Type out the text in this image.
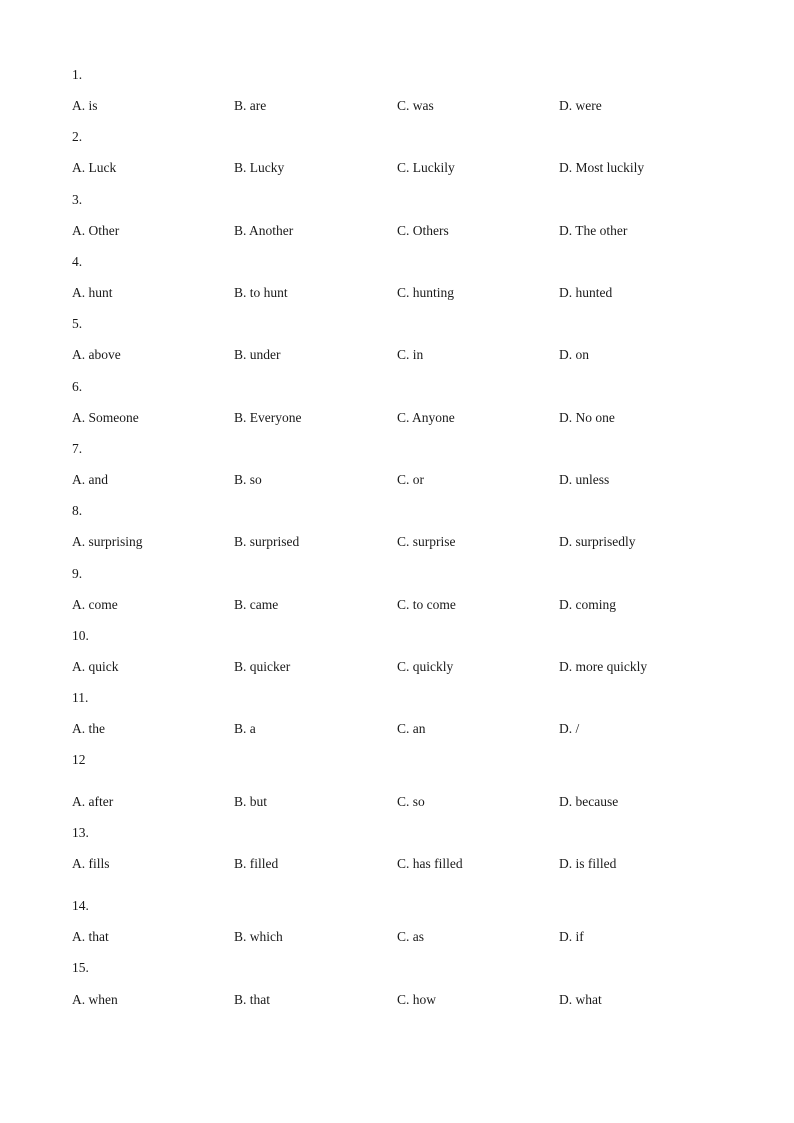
1.
A. is	B. are	C. was	D. were
2.
A. Luck	B. Lucky	C. Luckily	D. Most luckily
3.
A. Other	B. Another	C. Others	D. The other
4.
A. hunt	B. to hunt	C. hunting	D. hunted
5.
A. above	B. under	C. in	D. on
6.
A. Someone	B. Everyone	C. Anyone	D. No one
7.
A. and	B. so	C. or	D. unless
8.
A. surprising	B. surprised	C. surprise	D. surprisedly
9.
A. come	B. came	C. to come	D. coming
10.
A. quick	B. quicker	C. quickly	D. more quickly
11.
A. the	B. a	C. an	D. /
12
A. after	B. but	C. so	D. because
13.
A. fills	B. filled	C. has filled	D. is filled
14.
A. that	B. which	C. as	D. if
15.
A. when	B. that	C. how	D. what
